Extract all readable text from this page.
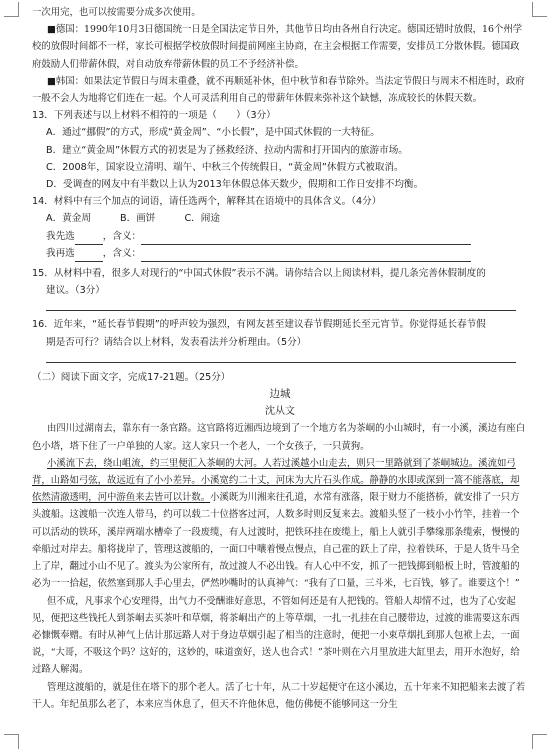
一次用完，也可以按需要分成多次使用。

■德国：1990年10月3日德国统一日是全国法定节日外，其他节日均由各州自行决定。德国还错时放假，16个州学校的放假时间都不一样，家长可根据学校放假时间提前网座主协商，在主会根据工作需要，安排员工分散休假。德国政府鼓励人们带薪休假，对自动放弃带薪休假的员工不予经济补偿。

■韩国：如果法定节假日与周末重叠，就不再顺延补休，但中秋节和春节除外。当法定节假日与周末不相连时，政府一般不会人为地将它们连在一起。个人可灵活利用自己的带薪年休假来弥补这个缺憾，冻成较长的休假天数。

13．下列表述与以上材料不相符的一项是（　　）（3分）

A．通过“挪假”的方式，形成“黄金周”、“小长假”，是中国式休假的一大特征。

B．建立“黄金周”休假方式的初衷是为了拯救经济、拉动内需和打开国内的旅游市场。

C．2008年，国家设立清明、端午、中秋三个传统假日，“黄金周”休假方式被取消。

D．受调查的网友中有半数以上认为2013年休假总体天数少，假期和工作日安排不均衡。

14．材料中有三个加点的词语，请任选两个，解释其在语境中的具体含义。（4分）

A．黄金周	B．画饼	C．闹途

我先选	，含义：

我再选	，含义：

15．从材料中看，很多人对现行的“中国式休假”表示不满。请你结合以上阅读材料，提几条完善休假制度的

建议。（3分）

16．近年来，“延长春节假期”的呼声较为强烈，有网友甚至建议春节假期延长至元宵节。你觉得延长春节假

期是否可行？请结合以上材料，发表看法并分析理由。（5分）

（二）阅读下面文字，完成17-21题。（25分）

边城

沈从文

由四川过湖南去，靠东有一条官路。这官路将近湘西边境到了一个地方名为茶峒的小山城时，有一小溪，溪边有座白色小塔，塔下住了一户单独的人家。这人家只一个老人，一个女孩子，一只黄狗。

小溪流下去，绕山岨流，约三里便汇入茶峒的大河。人若过溪越小山走去，则只一里路就到了茶峒城边。溪流如弓背，山路如弓弦，故远近有了小小差异。小溪宽约二十丈，河床为大片石头作成。静静的水即或深到一篙不能落底，却依然清澈透明，河中游鱼来去皆可以计数。小溪既为川湘来往孔道，水常有涨落，限于财力不能搭桥，就安排了一只方头渡船。这渡船一次连人带马，约可以载二十位搭客过河，人数多时则反复来去。渡船头竖了一枝小小竹竿，挂着一个可以活动的铁环，溪岸两端水槽牵了一段废缆，有人过渡时，把铁环挂在废缆上，船上人就引手攀缘那条缆索，慢慢的牵船过对岸去。船将拢岸了，管理这渡船的，一面口中嚷着慢点慢点，自己霍的跃上了岸，拉着铁环，于是人货牛马全上了岸，翻过小山不见了。渡头为公家所有，故过渡人不必出钱。有人心中不安，抓了一把钱掷到船板上时，管渡船的必为一一拾起，依然塞到那人手心里去，俨然吵嘴时的认真神气：“我有了口量，三斗米，七百钱，够了。谁要这个！”

但不成，凡事求个心安理得，出气力不受酬谁好意思，不管如何还是有人把钱的。管船人却情不过，也为了心安起见，便把这些钱托人到茶峒去买茶叶和草烟，将茶峒出产的上等草烟，一扎一扎挂在自己腰带边，过渡的谁需要这东西必慷慨奉赠。有时从神气上估计那远路人对于身边草烟引起了相当的注意时，便把一小束草烟扎到那人包袱上去，一面说，“大哥，不吸这个吗？这好的，这妙的，味道蛮好，送人也合式！”茶叶则在六月里放进大缸里去，用开水泡好，给过路人解渴。

管理这渡船的，就是住在塔下的那个老人。活了七十年，从二十岁起便守在这小溪边，五十年来不知把船来去渡了若干人。年纪虽那么老了，本来应当休息了，但天不许他休息，他仿佛便不能够同这一分生
